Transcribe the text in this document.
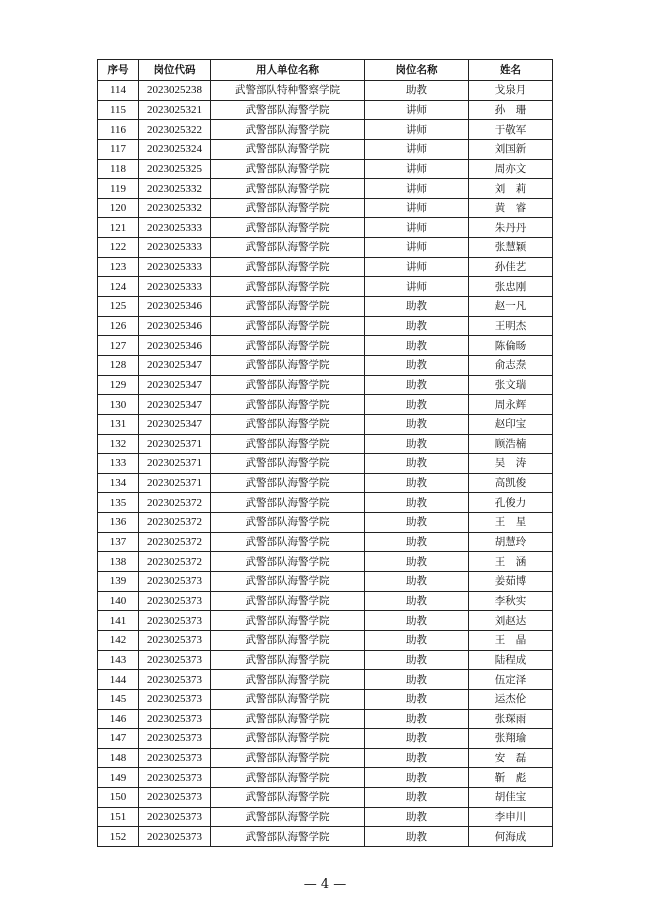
序号	岗位代码	用人单位名称	岗位名称	姓名
114	2023025238	武警部队特种警察学院	助教	戈泉月
115	2023025321	武警部队海警学院	讲师	孙　珊
116	2023025322	武警部队海警学院	讲师	于敬军
117	2023025324	武警部队海警学院	讲师	刘国新
118	2023025325	武警部队海警学院	讲师	周亦文
119	2023025332	武警部队海警学院	讲师	刘　莉
120	2023025332	武警部队海警学院	讲师	黄　睿
121	2023025333	武警部队海警学院	讲师	朱丹丹
122	2023025333	武警部队海警学院	讲师	张慧颖
123	2023025333	武警部队海警学院	讲师	孙佳艺
124	2023025333	武警部队海警学院	讲师	张忠刚
125	2023025346	武警部队海警学院	助教	赵一凡
126	2023025346	武警部队海警学院	助教	王明杰
127	2023025346	武警部队海警学院	助教	陈倫旸
128	2023025347	武警部队海警学院	助教	俞志焘
129	2023025347	武警部队海警学院	助教	张文瑞
130	2023025347	武警部队海警学院	助教	周永辉
131	2023025347	武警部队海警学院	助教	赵印宝
132	2023025371	武警部队海警学院	助教	顾浩楠
133	2023025371	武警部队海警学院	助教	吴　涛
134	2023025371	武警部队海警学院	助教	高凯俊
135	2023025372	武警部队海警学院	助教	孔俊力
136	2023025372	武警部队海警学院	助教	王　星
137	2023025372	武警部队海警学院	助教	胡慧玲
138	2023025372	武警部队海警学院	助教	王　涵
139	2023025373	武警部队海警学院	助教	姜茹博
140	2023025373	武警部队海警学院	助教	李秋实
141	2023025373	武警部队海警学院	助教	刘赵达
142	2023025373	武警部队海警学院	助教	王　晶
143	2023025373	武警部队海警学院	助教	陆程成
144	2023025373	武警部队海警学院	助教	伍定泽
145	2023025373	武警部队海警学院	助教	运杰伦
146	2023025373	武警部队海警学院	助教	张琛雨
147	2023025373	武警部队海警学院	助教	张翔瑜
148	2023025373	武警部队海警学院	助教	安　磊
149	2023025373	武警部队海警学院	助教	靳　彪
150	2023025373	武警部队海警学院	助教	胡佳宝
151	2023025373	武警部队海警学院	助教	李申川
152	2023025373	武警部队海警学院	助教	何海成
— 4 —
